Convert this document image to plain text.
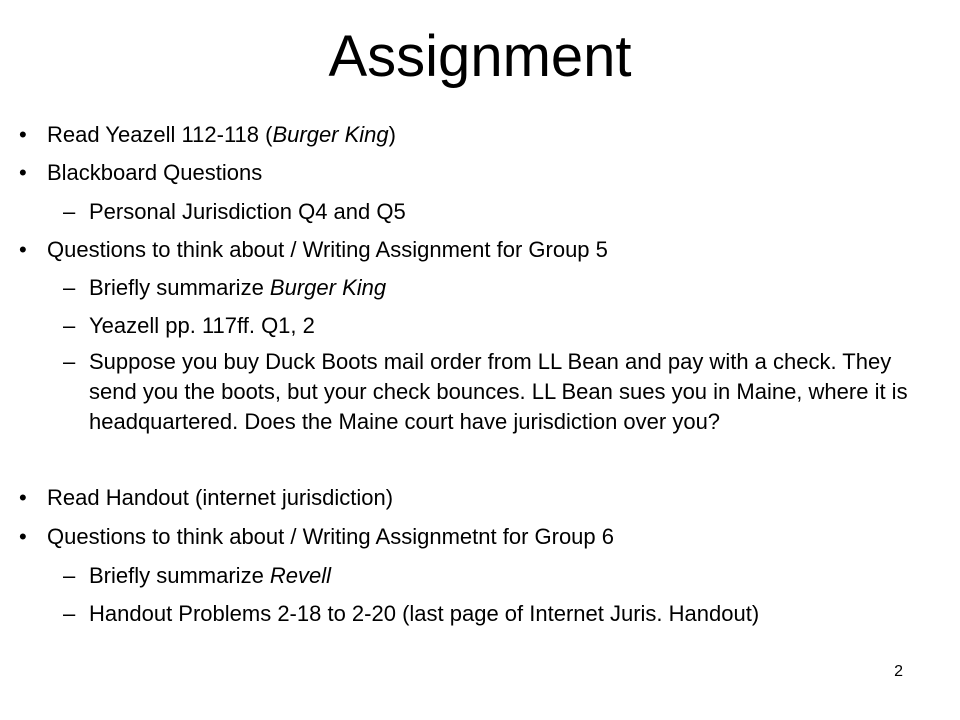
Assignment
• Read Yeazell 112-118 (Burger King)
• Blackboard Questions
– Personal Jurisdiction Q4 and Q5
• Questions to think about / Writing Assignment for Group 5
– Briefly summarize Burger King
– Yeazell pp. 117ff. Q1, 2
– Suppose you buy Duck Boots mail order from LL Bean and pay with a check. They send you the boots, but your check bounces. LL Bean sues you in Maine, where it is headquartered. Does the Maine court have jurisdiction over you?
• Read Handout (internet jurisdiction)
• Questions to think about / Writing Assignmetnt for Group 6
– Briefly summarize Revell
– Handout Problems 2-18 to 2-20 (last page of Internet Juris. Handout)
2
